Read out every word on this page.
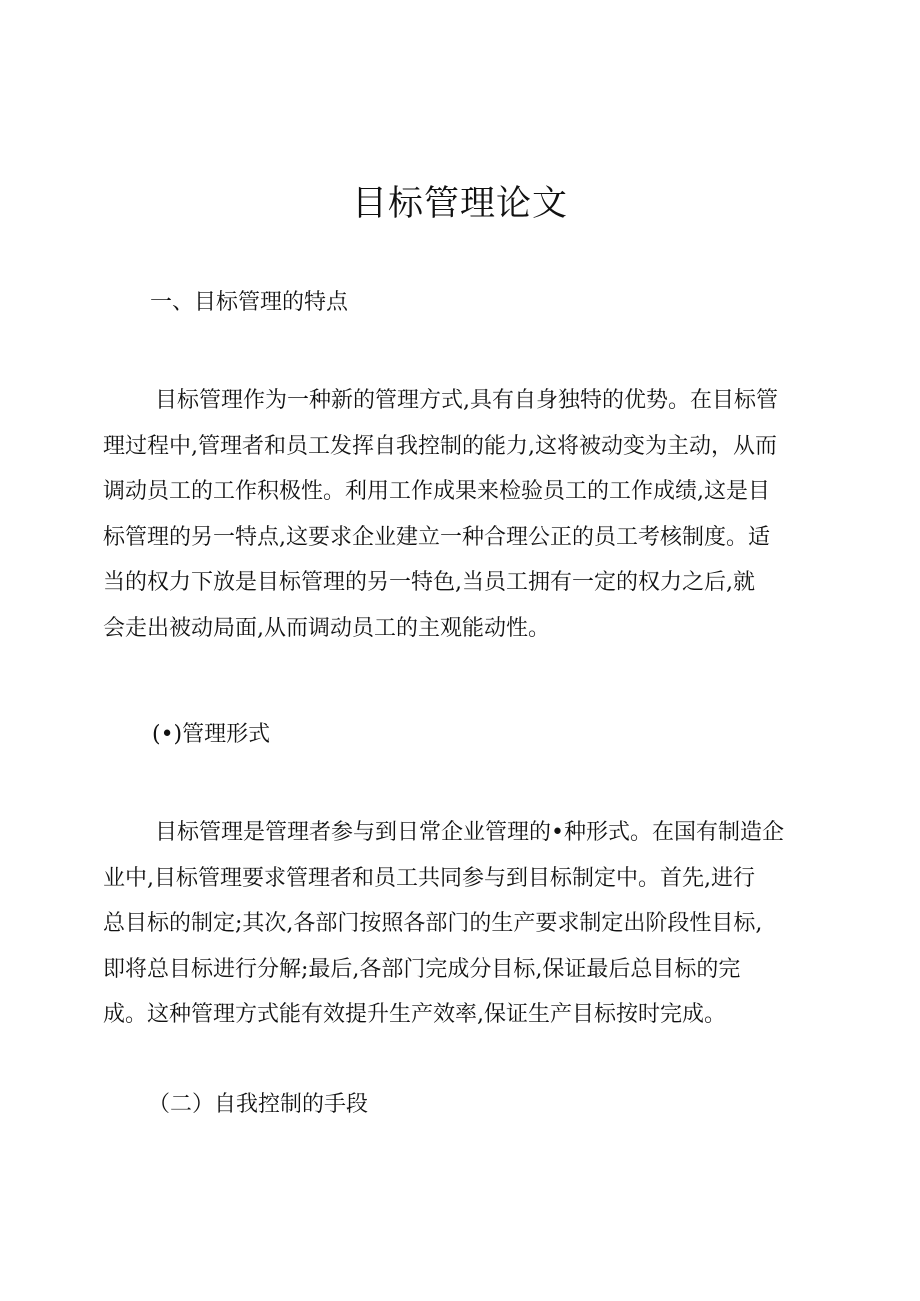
目标管理论文
一、目标管理的特点
目标管理作为一种新的管理方式,具有自身独特的优势。在目标管
理过程中,管理者和员工发挥自我控制的能力,这将被动变为主动，从而
调动员工的工作积极性。利用工作成果来检验员工的工作成绩,这是目
标管理的另一特点,这要求企业建立一种合理公正的员工考核制度。适
当的权力下放是目标管理的另一特色,当员工拥有一定的权力之后,就
会走出被动局面,从而调动员工的主观能动性。
(•)管理形式
目标管理是管理者参与到日常企业管理的•种形式。在国有制造企
业中,目标管理要求管理者和员工共同参与到目标制定中。首先,进行
总目标的制定;其次,各部门按照各部门的生产要求制定出阶段性目标,
即将总目标进行分解;最后,各部门完成分目标,保证最后总目标的完
成。这种管理方式能有效提升生产效率,保证生产目标按时完成。
（二）自我控制的手段
